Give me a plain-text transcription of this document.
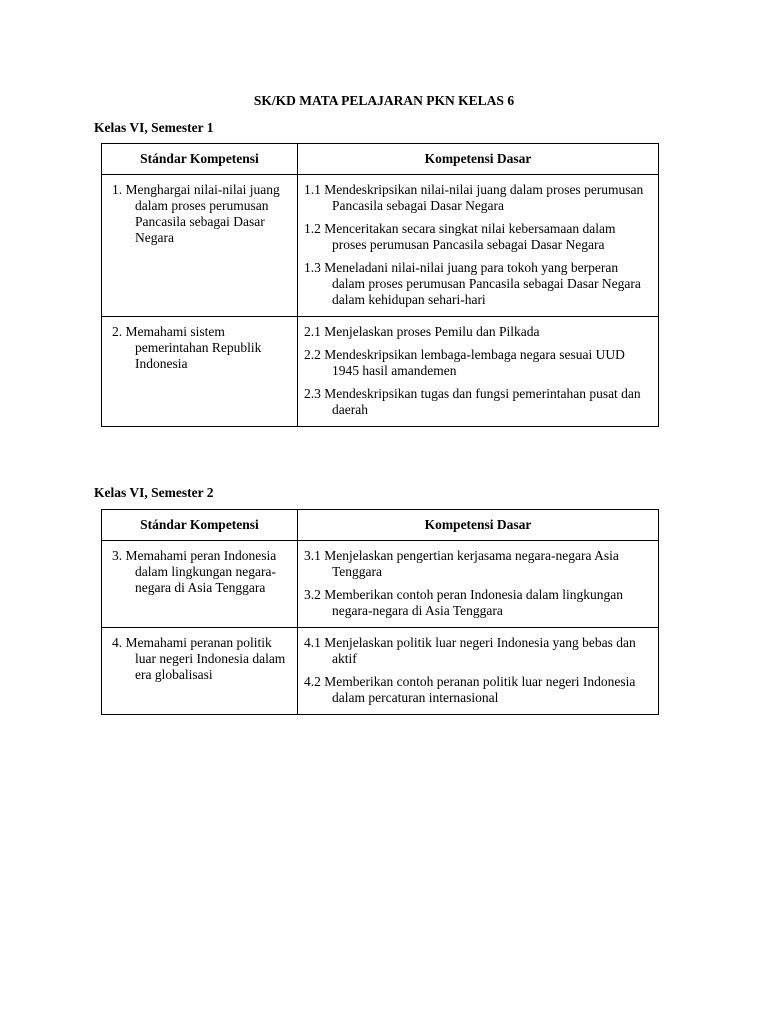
SK/KD MATA PELAJARAN PKN KELAS 6
Kelas VI, Semester 1
Stándar Kompetensi	Kompetensi Dasar

1. Menghargai nilai-nilai juang dalam proses perumusan Pancasila sebagai Dasar Negara	1.1 Mendeskripsikan nilai-nilai juang dalam proses perumusan Pancasila sebagai Dasar Negara
1.2 Menceritakan secara singkat nilai kebersamaan dalam proses perumusan Pancasila sebagai Dasar Negara
1.3 Meneladani nilai-nilai juang para tokoh yang berperan dalam proses perumusan Pancasila sebagai Dasar Negara dalam kehidupan sehari-hari

2. Memahami sistem pemerintahan Republik Indonesia	2.1 Menjelaskan proses Pemilu dan Pilkada
2.2 Mendeskripsikan lembaga-lembaga negara sesuai UUD 1945 hasil amandemen
2.3 Mendeskripsikan tugas dan fungsi pemerintahan pusat dan daerah
Kelas VI, Semester 2
Stándar Kompetensi	Kompetensi Dasar

3. Memahami peran Indonesia dalam lingkungan negara-negara di Asia Tenggara	3.1 Menjelaskan pengertian kerjasama negara-negara Asia Tenggara
3.2 Memberikan contoh peran Indonesia dalam lingkungan negara-negara di Asia Tenggara

4. Memahami peranan politik luar negeri Indonesia dalam era globalisasi	4.1 Menjelaskan politik luar negeri Indonesia yang bebas dan aktif
4.2 Memberikan contoh peranan politik luar negeri Indonesia dalam percaturan internasional
